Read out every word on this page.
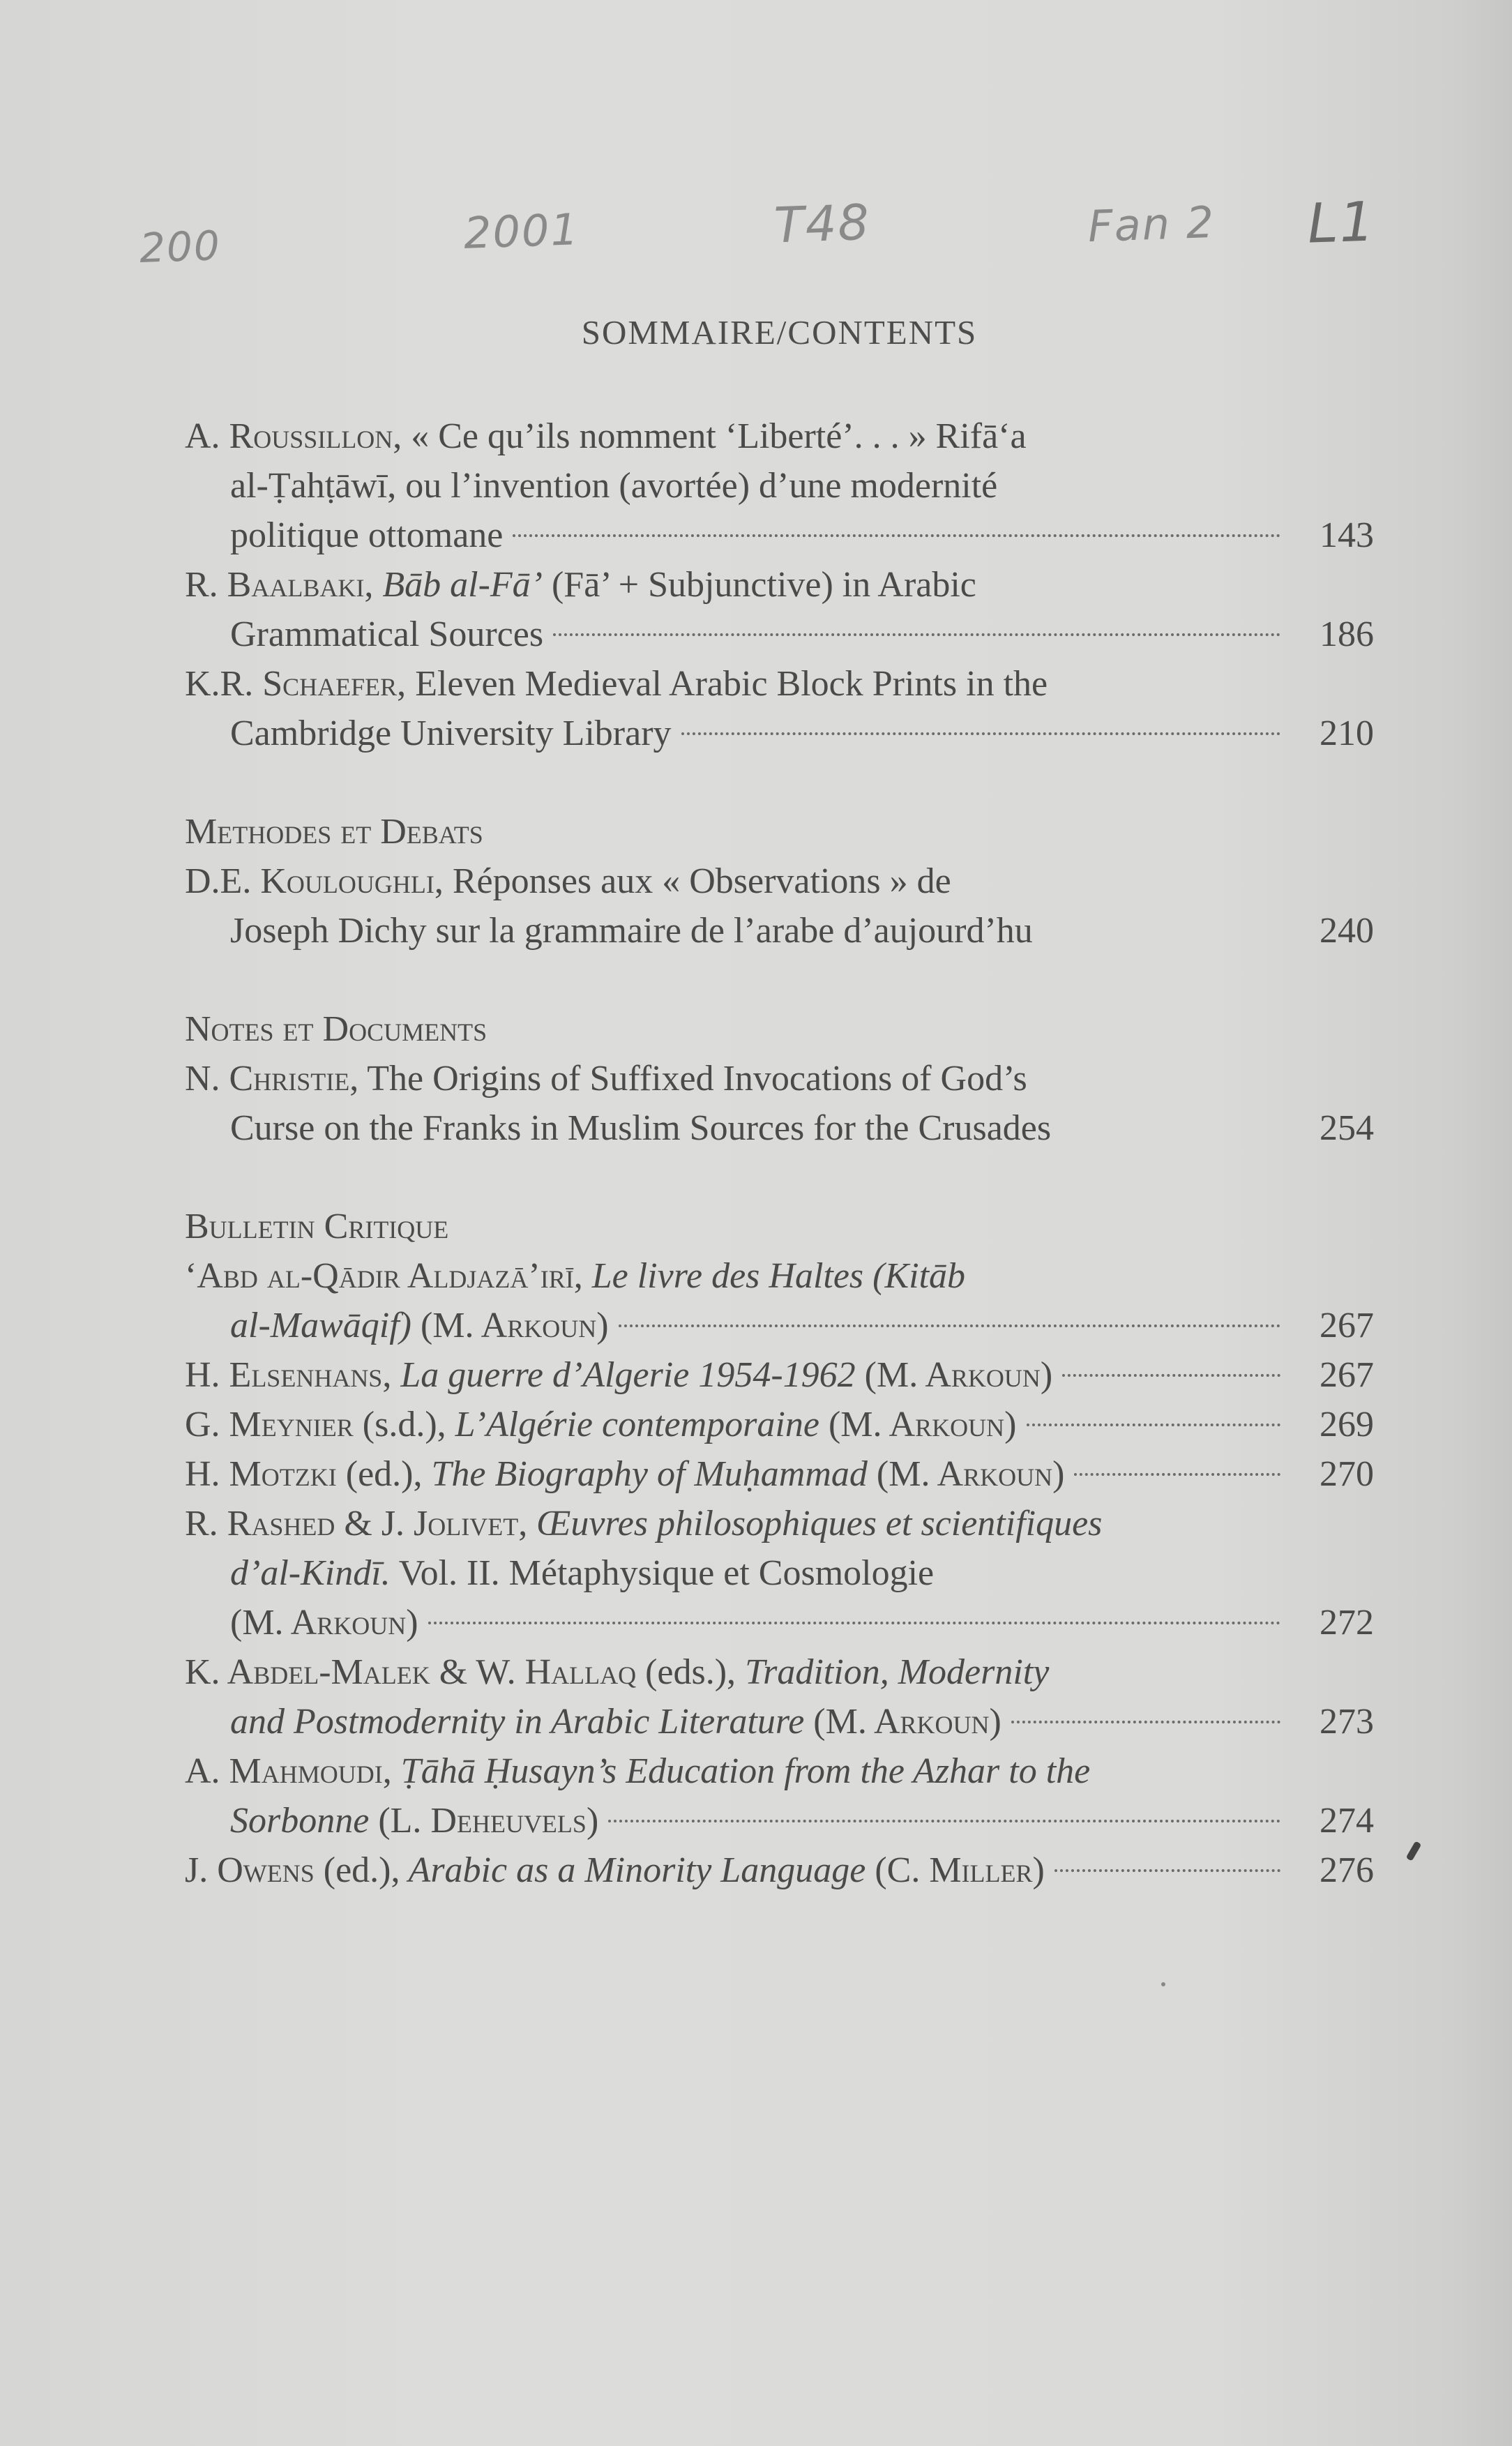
200	2001	T48	Fan 2 L1
SOMMAIRE/CONTENTS
A. Roussillon, « Ce qu’ils nomment ‘Liberté’. . . » Rifā‘a
al-Ṭahṭāwī, ou l’invention (avortée) d’une modernité
politique ottomane	143
R. Baalbaki, Bāb al-Fā’ (Fā’ + Subjunctive) in Arabic
Grammatical Sources	186
K.R. Schaefer, Eleven Medieval Arabic Block Prints in the
Cambridge University Library	210
Methodes et Debats
D.E. Kouloughli, Réponses aux « Observations » de
Joseph Dichy sur la grammaire de l’arabe d’aujourd’hu	240
Notes et Documents
N. Christie, The Origins of Suffixed Invocations of God’s
Curse on the Franks in Muslim Sources for the Crusades	254
Bulletin Critique
‘Abd al-Qādir Aldjazā’irī, Le livre des Haltes (Kitāb
al-Mawāqif) (M. Arkoun)	267
H. Elsenhans, La guerre d’Algerie 1954-1962 (M. Arkoun)	267
G. Meynier (s.d.), L’Algérie contemporaine (M. Arkoun)	269
H. Motzki (ed.), The Biography of Muḥammad (M. Arkoun)	270
R. Rashed & J. Jolivet, Œuvres philosophiques et scientifiques
d’al-Kindī. Vol. II. Métaphysique et Cosmologie
(M. Arkoun)	272
K. Abdel-Malek & W. Hallaq (eds.), Tradition, Modernity
and Postmodernity in Arabic Literature (M. Arkoun)	273
A. Mahmoudi, Ṭāhā Ḥusayn’s Education from the Azhar to the
Sorbonne (L. Deheuvels)	274
J. Owens (ed.), Arabic as a Minority Language (C. Miller)	276
